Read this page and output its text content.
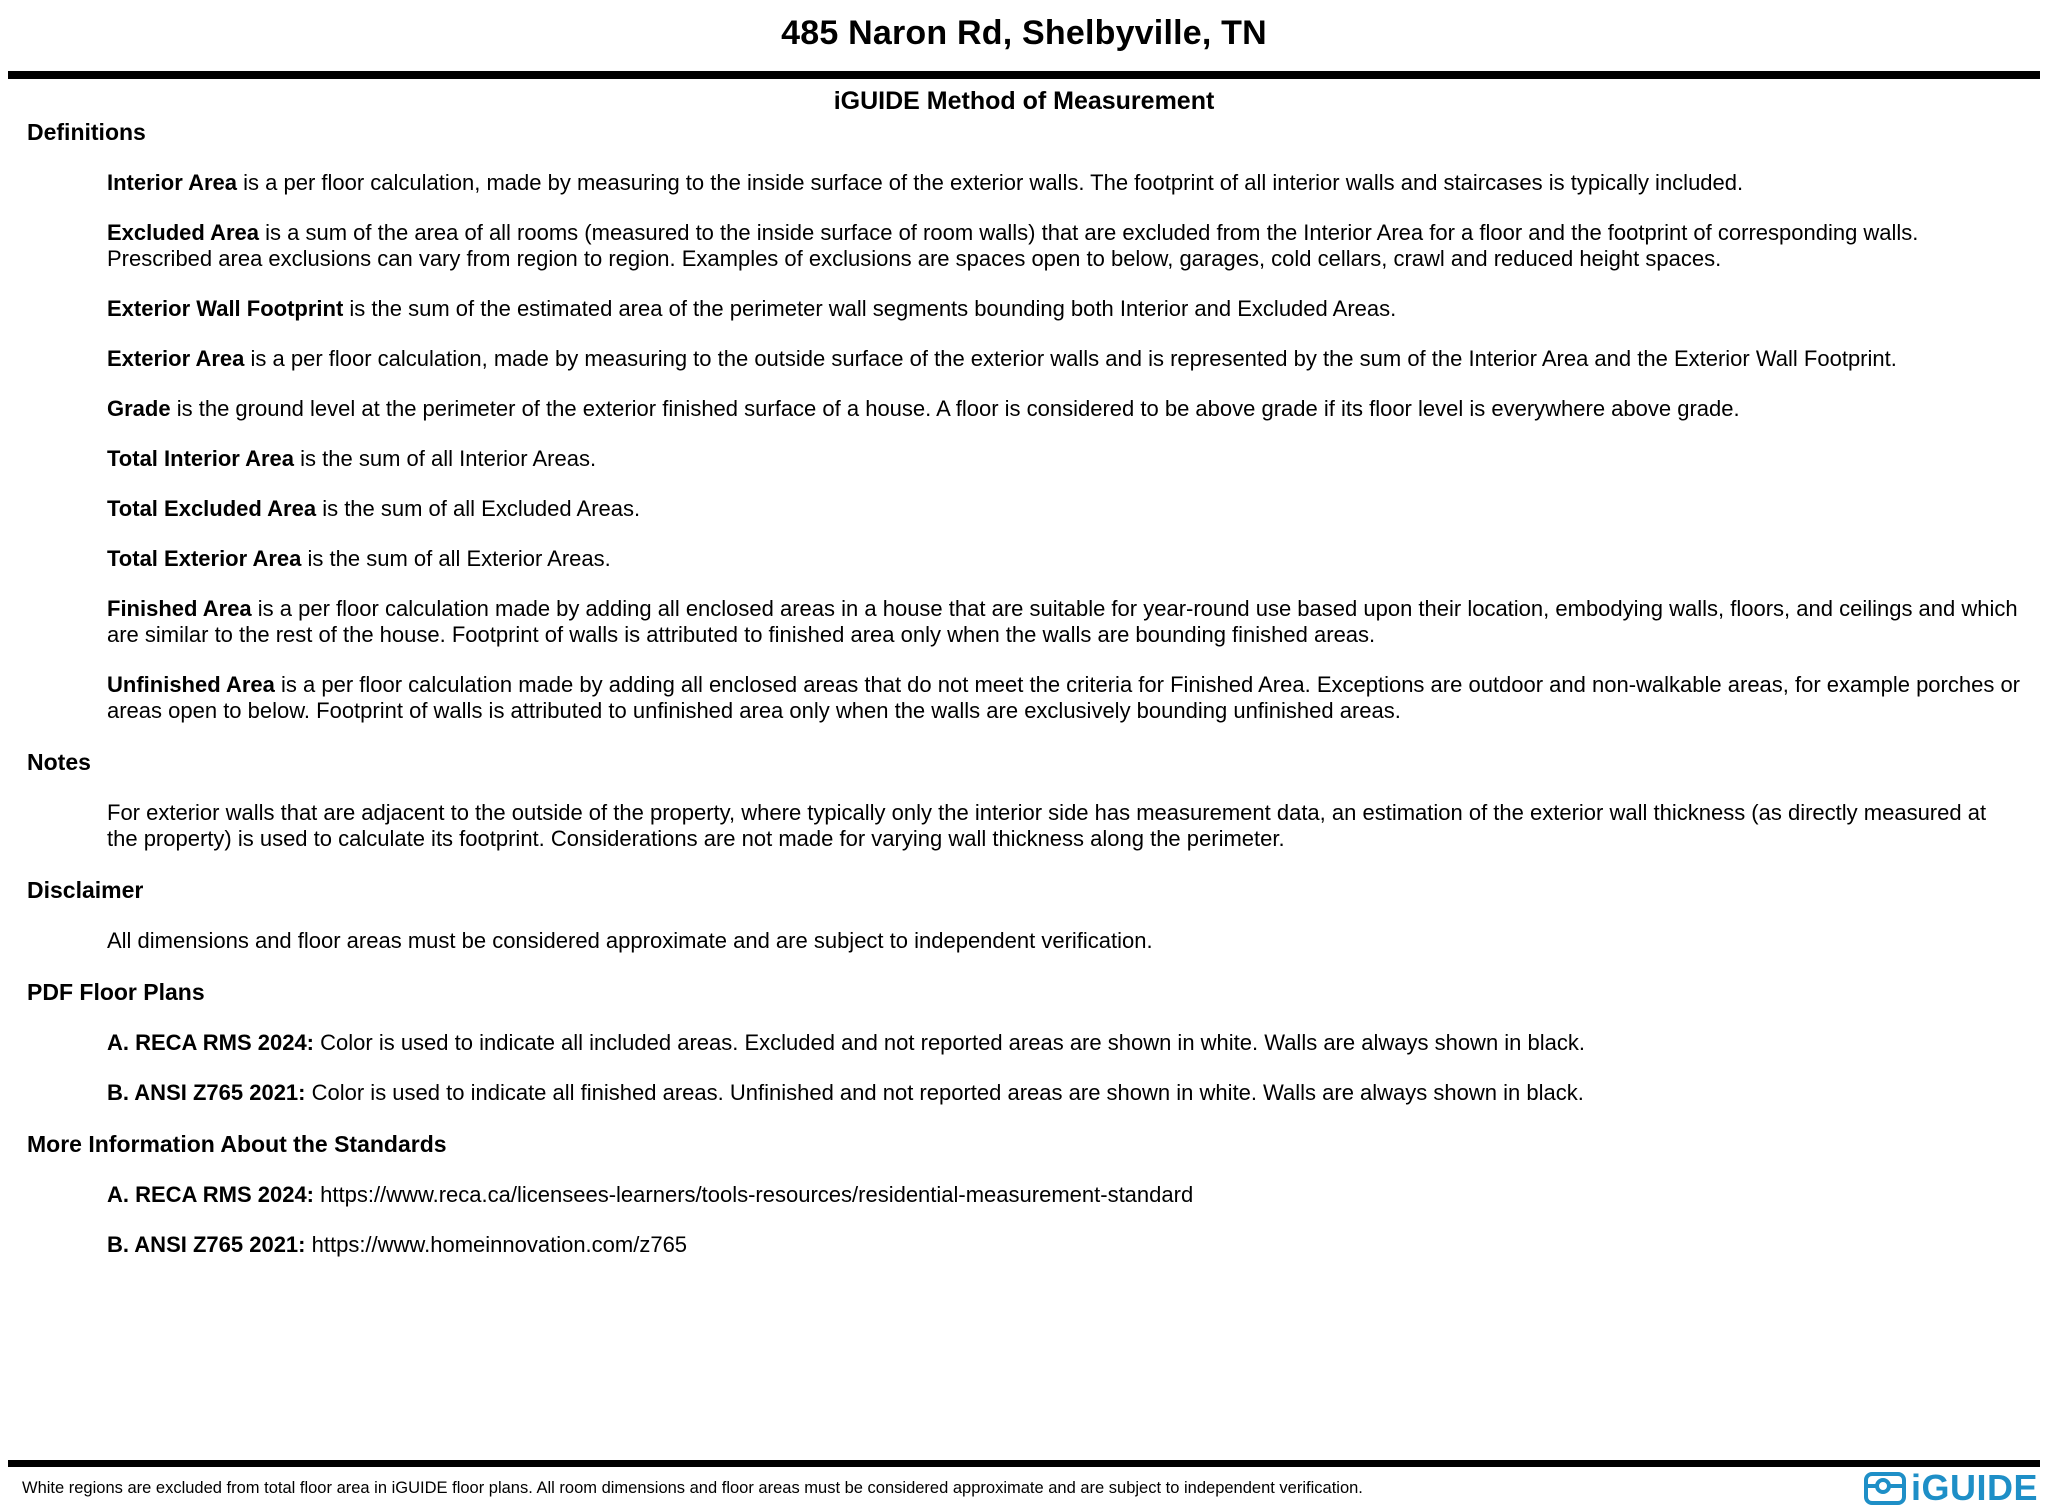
485 Naron Rd, Shelbyville, TN
iGUIDE Method of Measurement
Definitions

Interior Area is a per floor calculation, made by measuring to the inside surface of the exterior walls. The footprint of all interior walls and staircases is typically included.

Excluded Area is a sum of the area of all rooms (measured to the inside surface of room walls) that are excluded from the Interior Area for a floor and the footprint of corresponding walls. Prescribed area exclusions can vary from region to region. Examples of exclusions are spaces open to below, garages, cold cellars, crawl and reduced height spaces.

Exterior Wall Footprint is the sum of the estimated area of the perimeter wall segments bounding both Interior and Excluded Areas.

Exterior Area is a per floor calculation, made by measuring to the outside surface of the exterior walls and is represented by the sum of the Interior Area and the Exterior Wall Footprint.

Grade is the ground level at the perimeter of the exterior finished surface of a house. A floor is considered to be above grade if its floor level is everywhere above grade.

Total Interior Area is the sum of all Interior Areas.

Total Excluded Area is the sum of all Excluded Areas.

Total Exterior Area is the sum of all Exterior Areas.

Finished Area is a per floor calculation made by adding all enclosed areas in a house that are suitable for year-round use based upon their location, embodying walls, floors, and ceilings and which are similar to the rest of the house. Footprint of walls is attributed to finished area only when the walls are bounding finished areas.

Unfinished Area is a per floor calculation made by adding all enclosed areas that do not meet the criteria for Finished Area. Exceptions are outdoor and non-walkable areas, for example porches or areas open to below. Footprint of walls is attributed to unfinished area only when the walls are exclusively bounding unfinished areas.

Notes

For exterior walls that are adjacent to the outside of the property, where typically only the interior side has measurement data, an estimation of the exterior wall thickness (as directly measured at the property) is used to calculate its footprint. Considerations are not made for varying wall thickness along the perimeter.

Disclaimer

All dimensions and floor areas must be considered approximate and are subject to independent verification.

PDF Floor Plans

A. RECA RMS 2024: Color is used to indicate all included areas. Excluded and not reported areas are shown in white. Walls are always shown in black.

B. ANSI Z765 2021: Color is used to indicate all finished areas. Unfinished and not reported areas are shown in white. Walls are always shown in black.

More Information About the Standards

A. RECA RMS 2024: https://www.reca.ca/licensees-learners/tools-resources/residential-measurement-standard

B. ANSI Z765 2021: https://www.homeinnovation.com/z765

White regions are excluded from total floor area in iGUIDE floor plans. All room dimensions and floor areas must be considered approximate and are subject to independent verification.	iGUIDE
